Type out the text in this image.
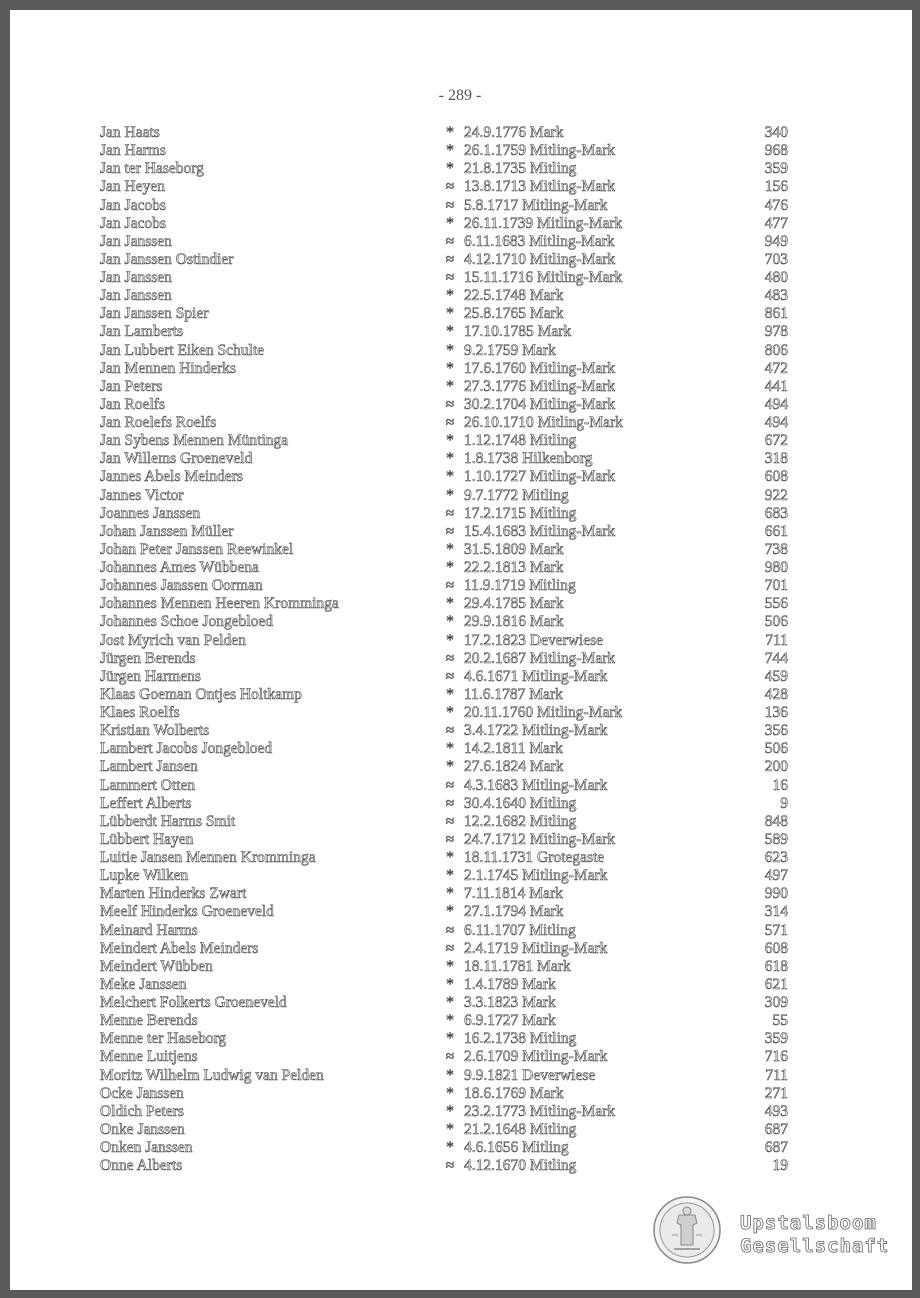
- 289 -
Jan Haats	* 24.9.1776 Mark	340
Jan Harms	* 26.1.1759 Mitling-Mark	968
Jan ter Haseborg	* 21.8.1735 Mitling	359
Jan Heyen	≈ 13.8.1713 Mitling-Mark	156
Jan Jacobs	≈ 5.8.1717 Mitling-Mark	476
Jan Jacobs	* 26.11.1739 Mitling-Mark	477
Jan Janssen	≈ 6.11.1683 Mitling-Mark	949
Jan Janssen Ostindier	≈ 4.12.1710 Mitling-Mark	703
Jan Janssen	≈ 15.11.1716 Mitling-Mark	480
Jan Janssen	* 22.5.1748 Mark	483
Jan Janssen Spier	* 25.8.1765 Mark	861
Jan Lamberts	* 17.10.1785 Mark	978
Jan Lubbert Eiken Schulte	* 9.2.1759 Mark	806
Jan Mennen Hinderks	* 17.6.1760 Mitling-Mark	472
Jan Peters	* 27.3.1776 Mitling-Mark	441
Jan Roelfs	≈ 30.2.1704 Mitling-Mark	494
Jan Roelefs Roelfs	≈ 26.10.1710 Mitling-Mark	494
Jan Sybens Mennen Müntinga	* 1.12.1748 Mitling	672
Jan Willems Groeneveld	* 1.8.1738 Hilkenborg	318
Jannes Abels Meinders	* 1.10.1727 Mitling-Mark	608
Jannes Victor	* 9.7.1772 Mitling	922
Joannes Janssen	≈ 17.2.1715 Mitling	683
Johan Janssen Müller	≈ 15.4.1683 Mitling-Mark	661
Johan Peter Janssen Reewinkel	* 31.5.1809 Mark	738
Johannes Ames Wübbena	* 22.2.1813 Mark	980
Johannes Janssen Oorman	≈ 11.9.1719 Mitling	701
Johannes Mennen Heeren Kromminga	* 29.4.1785 Mark	556
Johannes Schoe Jongebloed	* 29.9.1816 Mark	506
Jost Myrich van Pelden	* 17.2.1823 Deverwiese	711
Jürgen Berends	≈ 20.2.1687 Mitling-Mark	744
Jürgen Harmens	≈ 4.6.1671 Mitling-Mark	459
Klaas Goeman Ontjes Holtkamp	* 11.6.1787 Mark	428
Klaes Roelfs	* 20.11.1760 Mitling-Mark	136
Kristian Wolberts	≈ 3.4.1722 Mitling-Mark	356
Lambert Jacobs Jongebloed	* 14.2.1811 Mark	506
Lambert Jansen	* 27.6.1824 Mark	200
Lammert Otten	≈ 4.3.1683 Mitling-Mark	16
Leffert Alberts	≈ 30.4.1640 Mitling	9
Lübberdt Harms Smit	≈ 12.2.1682 Mitling	848
Lübbert Hayen	≈ 24.7.1712 Mitling-Mark	589
Luitie Jansen Mennen Kromminga	* 18.11.1731 Grotegaste	623
Lupke Wilken	* 2.1.1745 Mitling-Mark	497
Marten Hinderks Zwart	* 7.11.1814 Mark	990
Meelf Hinderks Groeneveld	* 27.1.1794 Mark	314
Meinard Harms	≈ 6.11.1707 Mitling	571
Meindert Abels Meinders	≈ 2.4.1719 Mitling-Mark	608
Meindert Wübben	* 18.11.1781 Mark	618
Meke Janssen	* 1.4.1789 Mark	621
Melchert Folkerts Groeneveld	* 3.3.1823 Mark	309
Menne Berends	* 6.9.1727 Mark	55
Menne ter Haseborg	* 16.2.1738 Mitling	359
Menne Luitjens	≈ 2.6.1709 Mitling-Mark	716
Moritz Wilhelm Ludwig van Pelden	* 9.9.1821 Deverwiese	711
Ocke Janssen	* 18.6.1769 Mark	271
Oldich Peters	* 23.2.1773 Mitling-Mark	493
Onke Janssen	* 21.2.1648 Mitling	687
Onken Janssen	* 4.6.1656 Mitling	687
Onne Alberts	≈ 4.12.1670 Mitling	19
Upstalsboom
Gesellschaft
